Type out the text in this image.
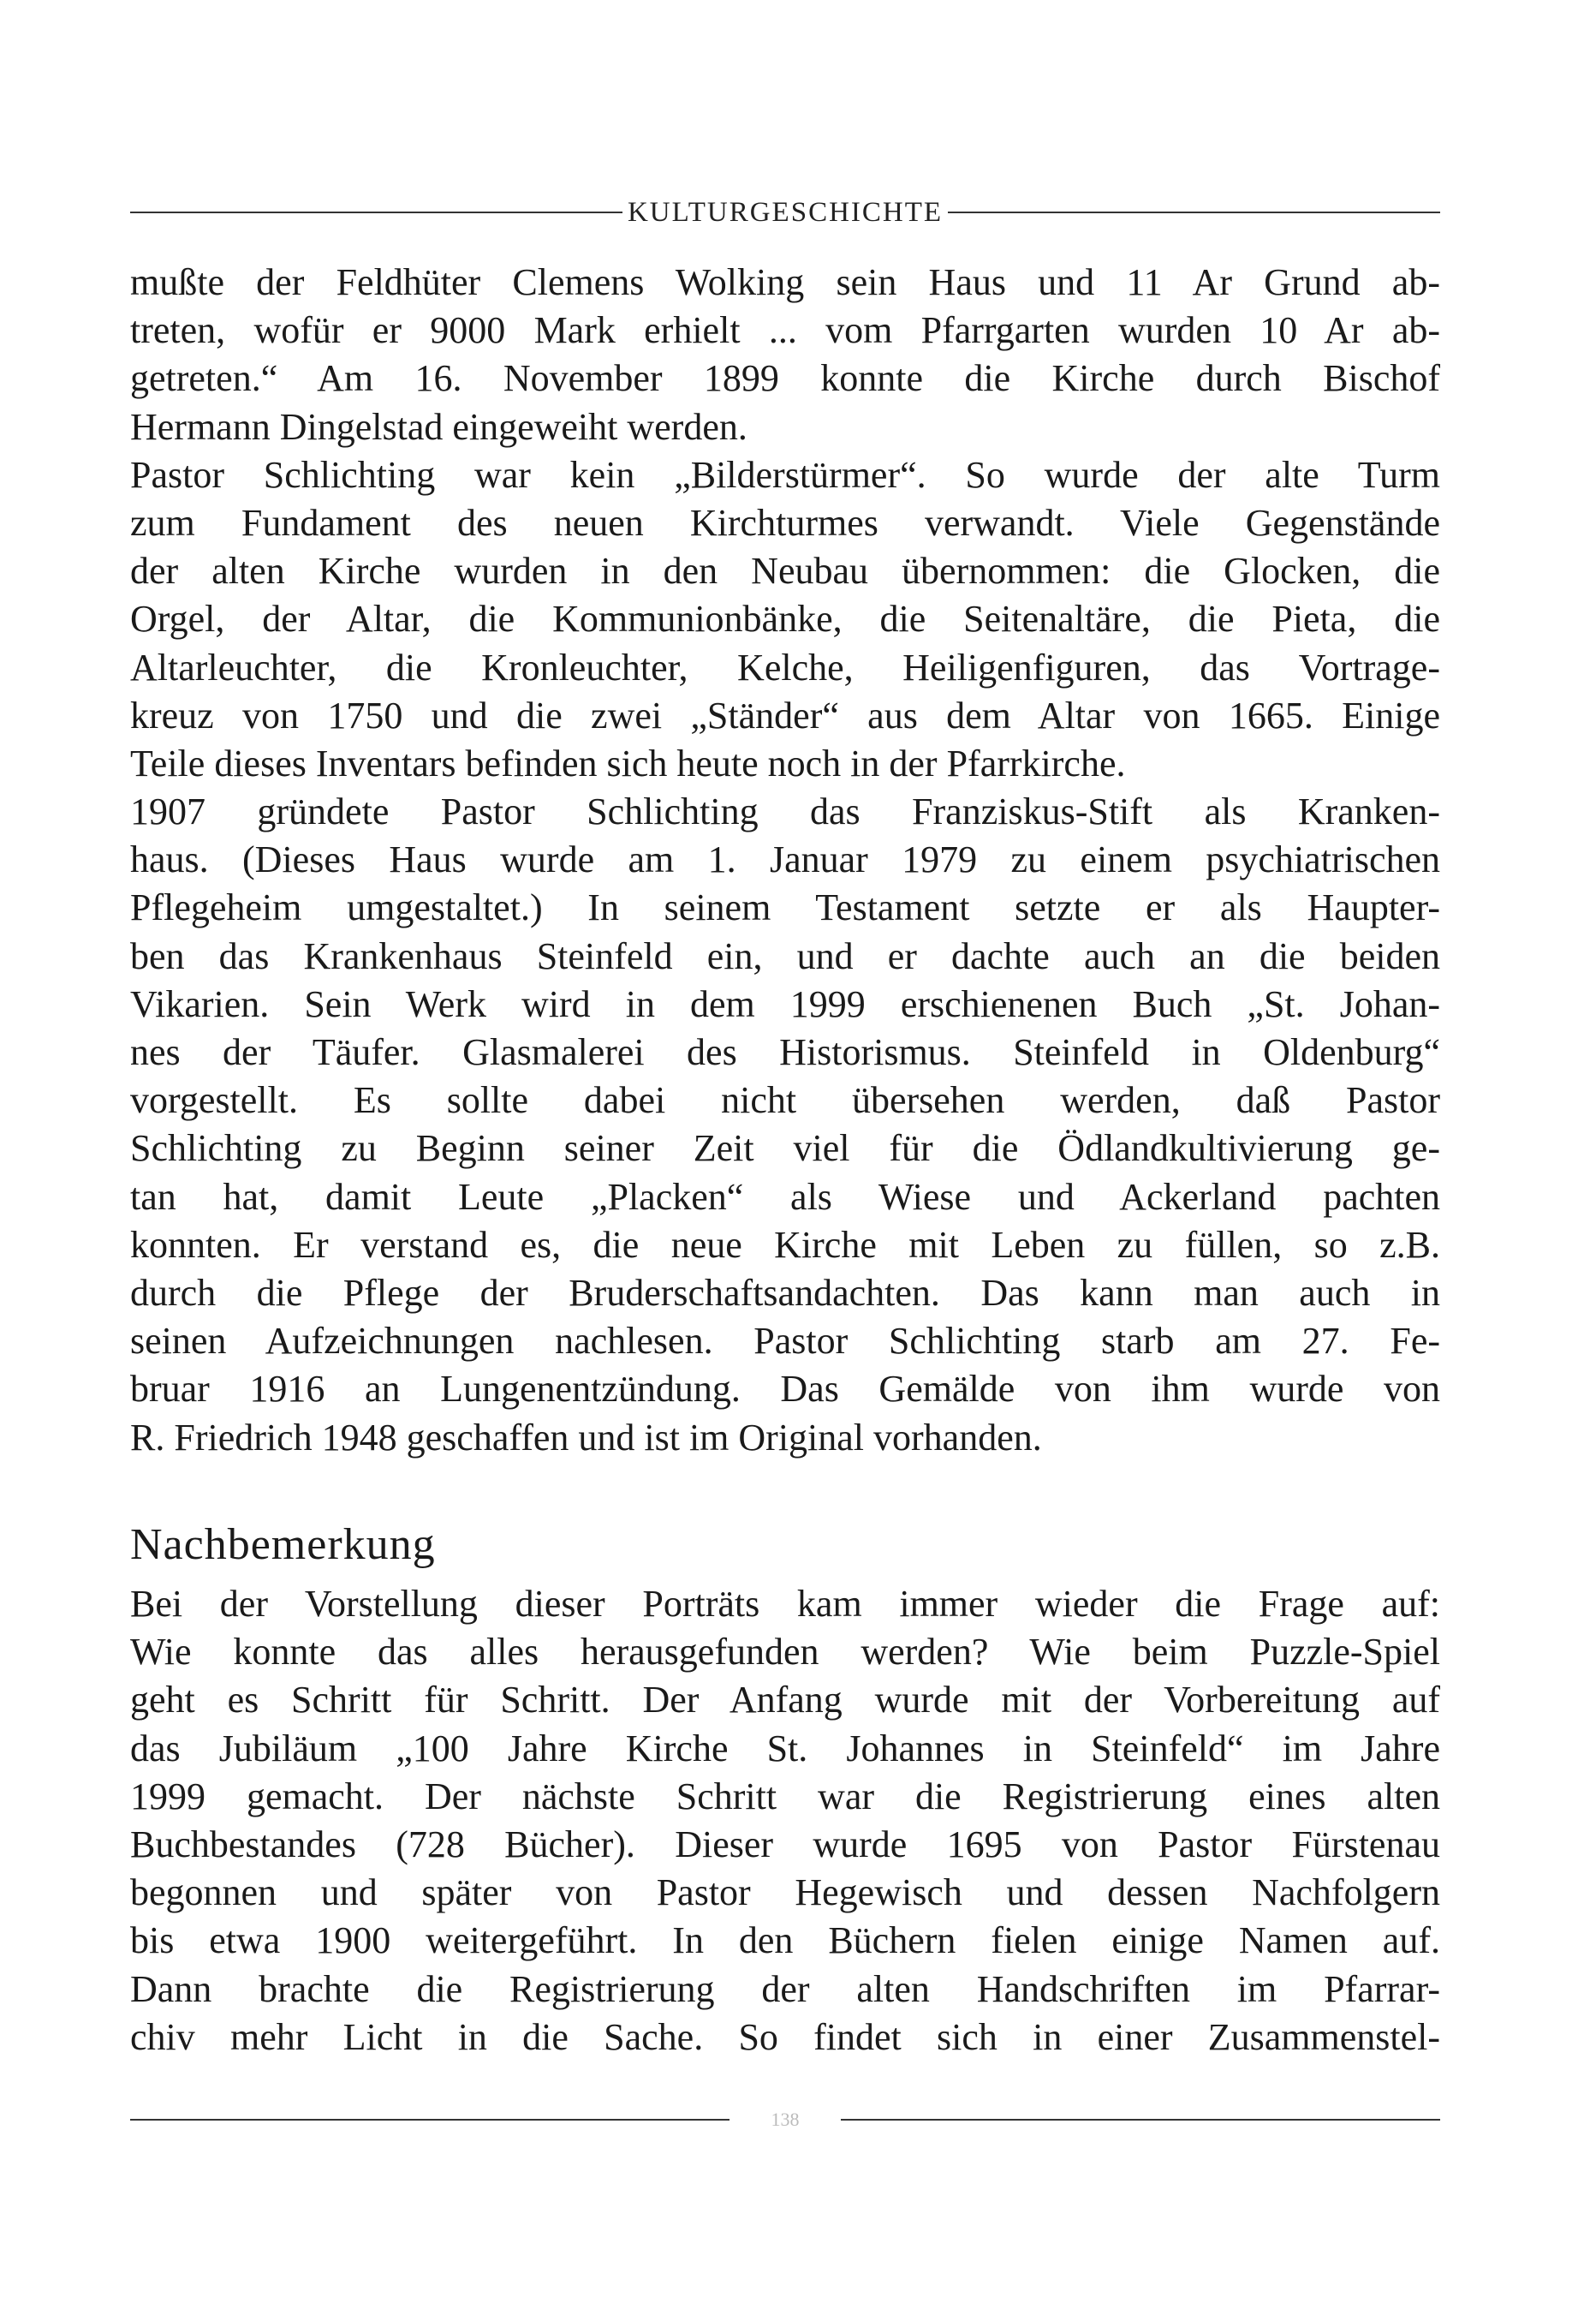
KULTURGESCHICHTE
mußte der Feldhüter Clemens Wolking sein Haus und 11 Ar Grund ab-
treten, wofür er 9000 Mark erhielt ... vom Pfarrgarten wurden 10 Ar ab-
getreten.“ Am 16. November 1899 konnte die Kirche durch Bischof
Hermann Dingelstad eingeweiht werden.
Pastor Schlichting war kein „Bilderstürmer“. So wurde der alte Turm
zum Fundament des neuen Kirchturmes verwandt. Viele Gegenstände
der alten Kirche wurden in den Neubau übernommen: die Glocken, die
Orgel, der Altar, die Kommunionbänke, die Seitenaltäre, die Pieta, die
Altarleuchter, die Kronleuchter, Kelche, Heiligenfiguren, das Vortrage-
kreuz von 1750 und die zwei „Ständer“ aus dem Altar von 1665. Einige
Teile dieses Inventars befinden sich heute noch in der Pfarrkirche.
1907 gründete Pastor Schlichting das Franziskus-Stift als Kranken-
haus. (Dieses Haus wurde am 1. Januar 1979 zu einem psychiatrischen
Pflegeheim umgestaltet.) In seinem Testament setzte er als Haupter-
ben das Krankenhaus Steinfeld ein, und er dachte auch an die beiden
Vikarien. Sein Werk wird in dem 1999 erschienenen Buch „St. Johan-
nes der Täufer. Glasmalerei des Historismus. Steinfeld in Oldenburg“
vorgestellt. Es sollte dabei nicht übersehen werden, daß Pastor
Schlichting zu Beginn seiner Zeit viel für die Ödlandkultivierung ge-
tan hat, damit Leute „Placken“ als Wiese und Ackerland pachten
konnten. Er verstand es, die neue Kirche mit Leben zu füllen, so z.B.
durch die Pflege der Bruderschaftsandachten. Das kann man auch in
seinen Aufzeichnungen nachlesen. Pastor Schlichting starb am 27. Fe-
bruar 1916 an Lungenentzündung. Das Gemälde von ihm wurde von
R. Friedrich 1948 geschaffen und ist im Original vorhanden.
Nachbemerkung
Bei der Vorstellung dieser Porträts kam immer wieder die Frage auf:
Wie konnte das alles herausgefunden werden? Wie beim Puzzle-Spiel
geht es Schritt für Schritt. Der Anfang wurde mit der Vorbereitung auf
das Jubiläum „100 Jahre Kirche St. Johannes in Steinfeld“ im Jahre
1999 gemacht. Der nächste Schritt war die Registrierung eines alten
Buchbestandes (728 Bücher). Dieser wurde 1695 von Pastor Fürstenau
begonnen und später von Pastor Hegewisch und dessen Nachfolgern
bis etwa 1900 weitergeführt. In den Büchern fielen einige Namen auf.
Dann brachte die Registrierung der alten Handschriften im Pfarrar-
chiv mehr Licht in die Sache. So findet sich in einer Zusammenstel-
138
